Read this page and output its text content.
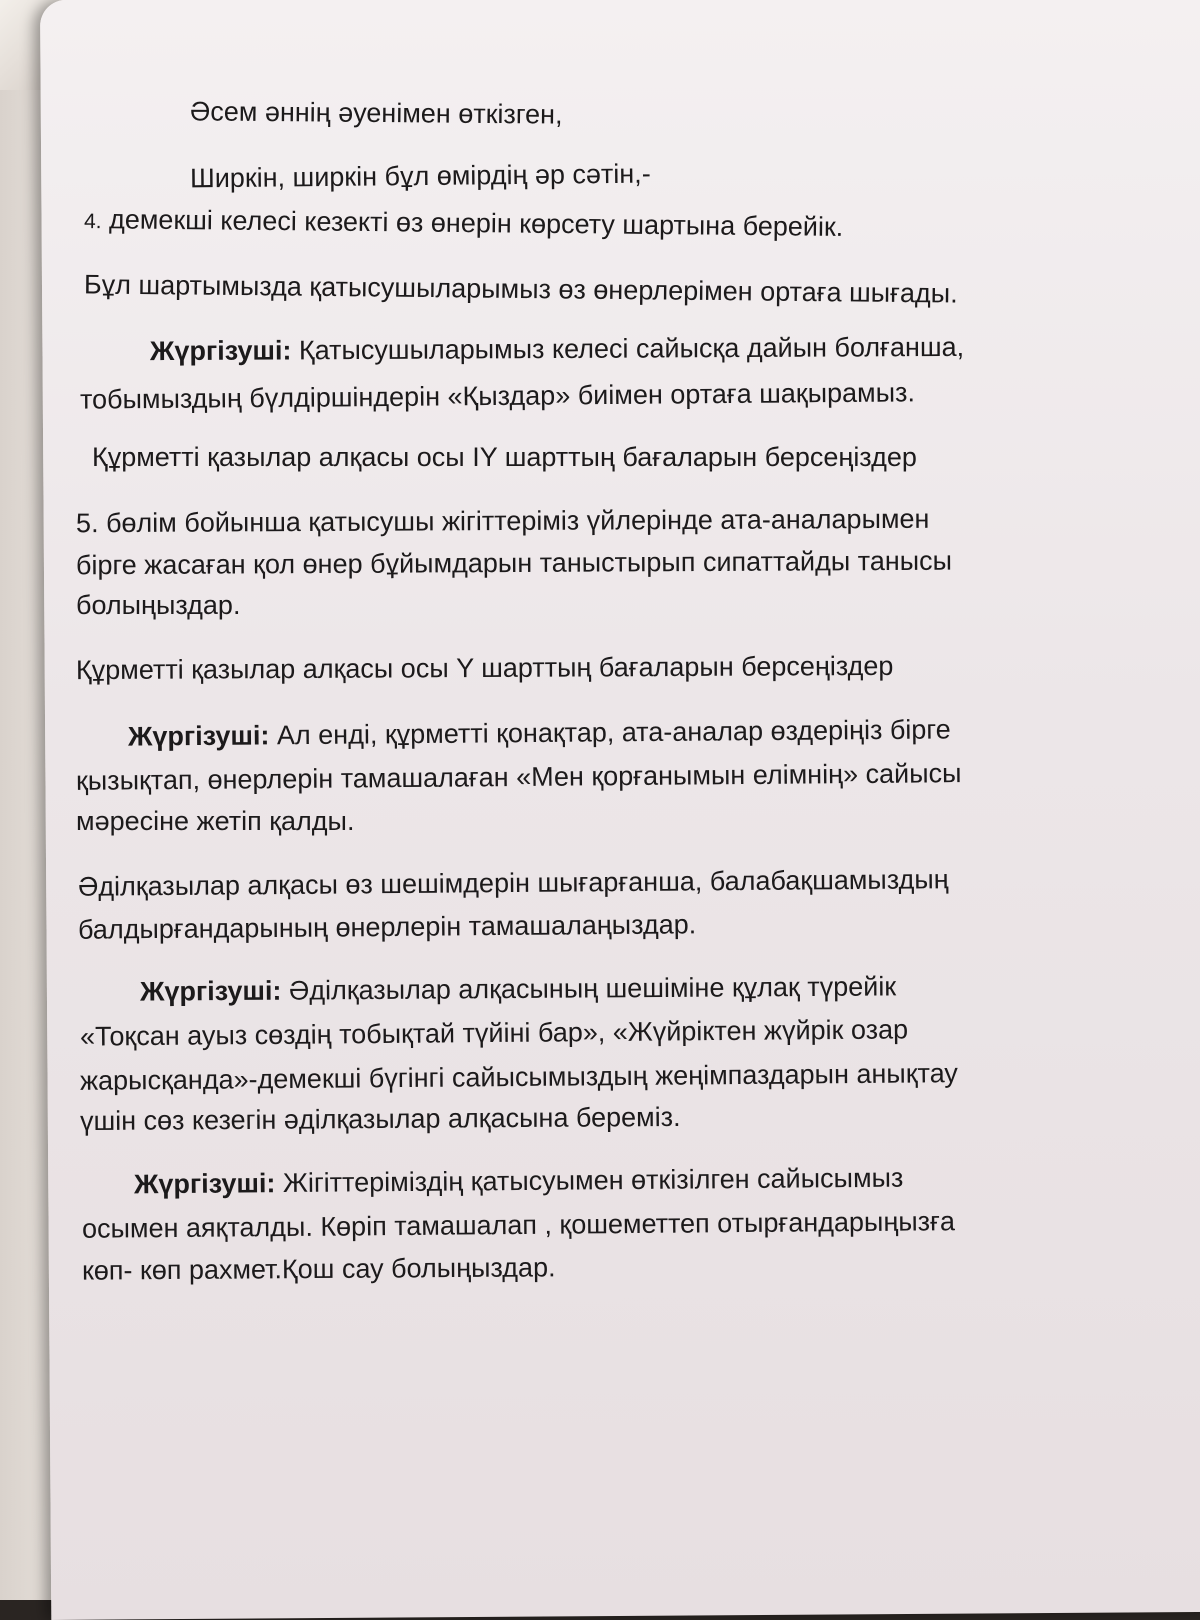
Әсем әннің әуенімен өткізген,
Ширкін, ширкін бұл өмірдің әр сәтін,-
4. демекші келесі кезекті өз өнерін көрсету шартына берейік.
Бұл шартымызда қатысушыларымыз өз өнерлерімен ортаға шығады.
Жүргізуші: Қатысушыларымыз келесі сайысқа дайын болғанша,
тобымыздың бүлдіршіндерін «Қыздар» биімен ортаға шақырамыз.
Құрметті қазылар алқасы осы IY шарттың бағаларын берсеңіздер
5. бөлім бойынша қатысушы жігіттеріміз үйлерінде ата-аналарымен
бірге жасаған қол өнер бұйымдарын таныстырып сипаттайды танысы
болыңыздар.
Құрметті қазылар алқасы осы Y шарттың бағаларын берсеңіздер
Жүргізуші: Ал енді, құрметті қонақтар, ата-аналар өздеріңіз бірге
қызықтап, өнерлерін тамашалаған «Мен қорғанымын елімнің» сайысы
мәресіне жетіп қалды.
Әділқазылар алқасы өз шешімдерін шығарғанша, балабақшамыздың
балдырғандарының өнерлерін тамашалаңыздар.
Жүргізуші: Әділқазылар алқасының шешіміне құлақ түрейік
«Тоқсан ауыз сөздің тобықтай түйіні бар», «Жүйріктен жүйрік озар
жарысқанда»-демекші бүгінгі сайысымыздың жеңімпаздарын анықтау
үшін сөз кезегін әділқазылар алқасына береміз.
Жүргізуші: Жігіттеріміздің қатысуымен өткізілген сайысымыз
осымен аяқталды. Көріп тамашалап , қошеметтеп отырғандарыңызға
көп- көп рахмет.Қош сау болыңыздар.
